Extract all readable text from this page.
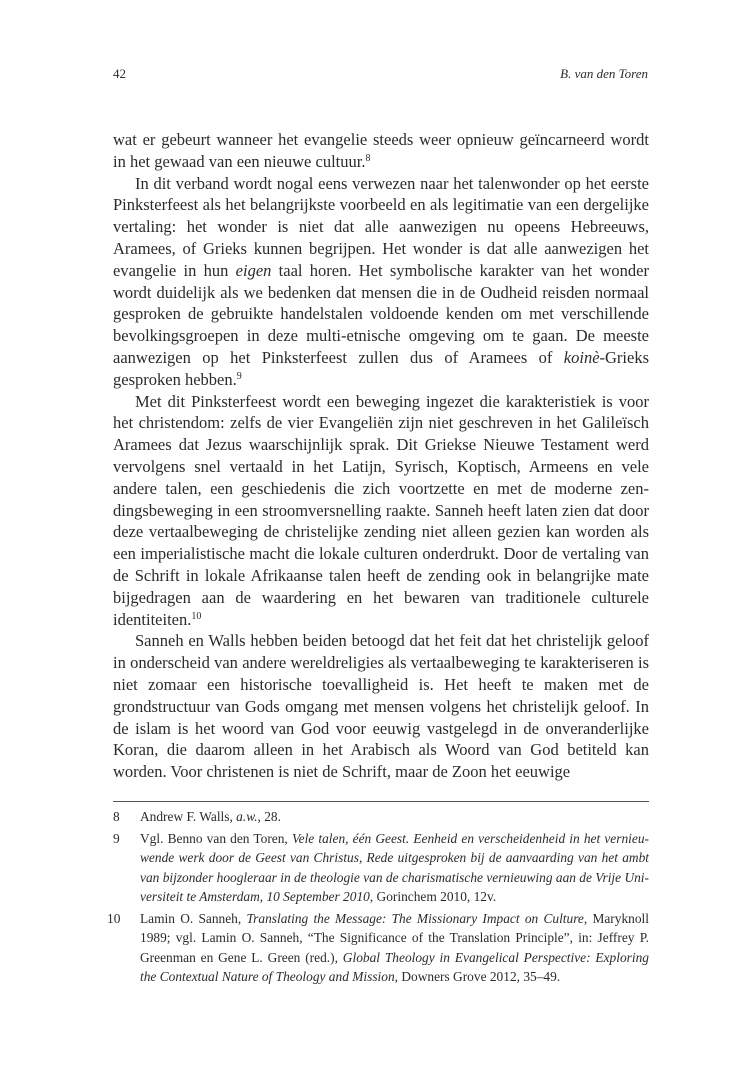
42	B. van den Toren

wat er gebeurt wanneer het evangelie steeds weer opnieuw geïncarneerd wordt in het gewaad van een nieuwe cultuur.$^8$

In dit verband wordt nogal eens verwezen naar het talenwonder op het eerste Pinksterfeest als het belangrijkste voorbeeld en als legitimatie van een dergelijke vertaling: het wonder is niet dat alle aanwezigen nu opeens Hebreeuws, Aramees, of Grieks kunnen begrijpen. Het wonder is dat alle aanwezigen het evangelie in hun eigen taal horen. Het symbolische karakter van het wonder wordt duidelijk als we bedenken dat mensen die in de Oudheid reisden normaal gesproken de gebruikte handelstalen voldoende kenden om met verschillende bevolkingsgroepen in deze multi-etnische omgeving om te gaan. De meeste aanwezigen op het Pinksterfeest zullen dus of Aramees of koinè-Grieks gesproken hebben.$^9$

Met dit Pinksterfeest wordt een beweging ingezet die karakteristiek is voor het christendom: zelfs de vier Evangeliën zijn niet geschreven in het Galileïsch Aramees dat Jezus waarschijnlijk sprak. Dit Griekse Nieuwe Testament werd vervolgens snel vertaald in het Latijn, Syrisch, Koptisch, Armeens en vele andere talen, een geschiedenis die zich voortzette en met de moderne zendingsbeweging in een stroomversnelling raakte. Sanneh heeft laten zien dat door deze vertaalbeweging de christelijke zending niet alleen gezien kan worden als een imperialistische macht die lokale culturen onderdrukt. Door de vertaling van de Schrift in lokale Afrikaanse talen heeft de zending ook in belangrijke mate bijgedragen aan de waardering en het bewaren van traditionele culturele identiteiten.$^{10}$

Sanneh en Walls hebben beiden betoogd dat het feit dat het christelijk geloof in onderscheid van andere wereldreligies als vertaalbeweging te karakteriseren is niet zomaar een historische toevalligheid is. Het heeft te maken met de grondstructuur van Gods omgang met mensen volgens het christelijk geloof. In de islam is het woord van God voor eeuwig vastgelegd in de onveranderlijke Koran, die daarom alleen in het Arabisch als Woord van God betiteld kan worden. Voor christenen is niet de Schrift, maar de Zoon het eeuwige

8	Andrew F. Walls, a.w., 28.
9	Vgl. Benno van den Toren, Vele talen, één Geest. Eenheid en verscheidenheid in het vernieuwende werk door de Geest van Christus, Rede uitgesproken bij de aanvaarding van het ambt van bijzonder hoogleraar in de theologie van de charismatische vernieuwing aan de Vrije Universiteit te Amsterdam, 10 September 2010, Gorinchem 2010, 12v.
10	Lamin O. Sanneh, Translating the Message: The Missionary Impact on Culture, Maryknoll 1989; vgl. Lamin O. Sanneh, “The Significance of the Translation Principle”, in: Jeffrey P. Greenman en Gene L. Green (red.), Global Theology in Evangelical Perspective: Exploring the Contextual Nature of Theology and Mission, Downers Grove 2012, 35–49.
